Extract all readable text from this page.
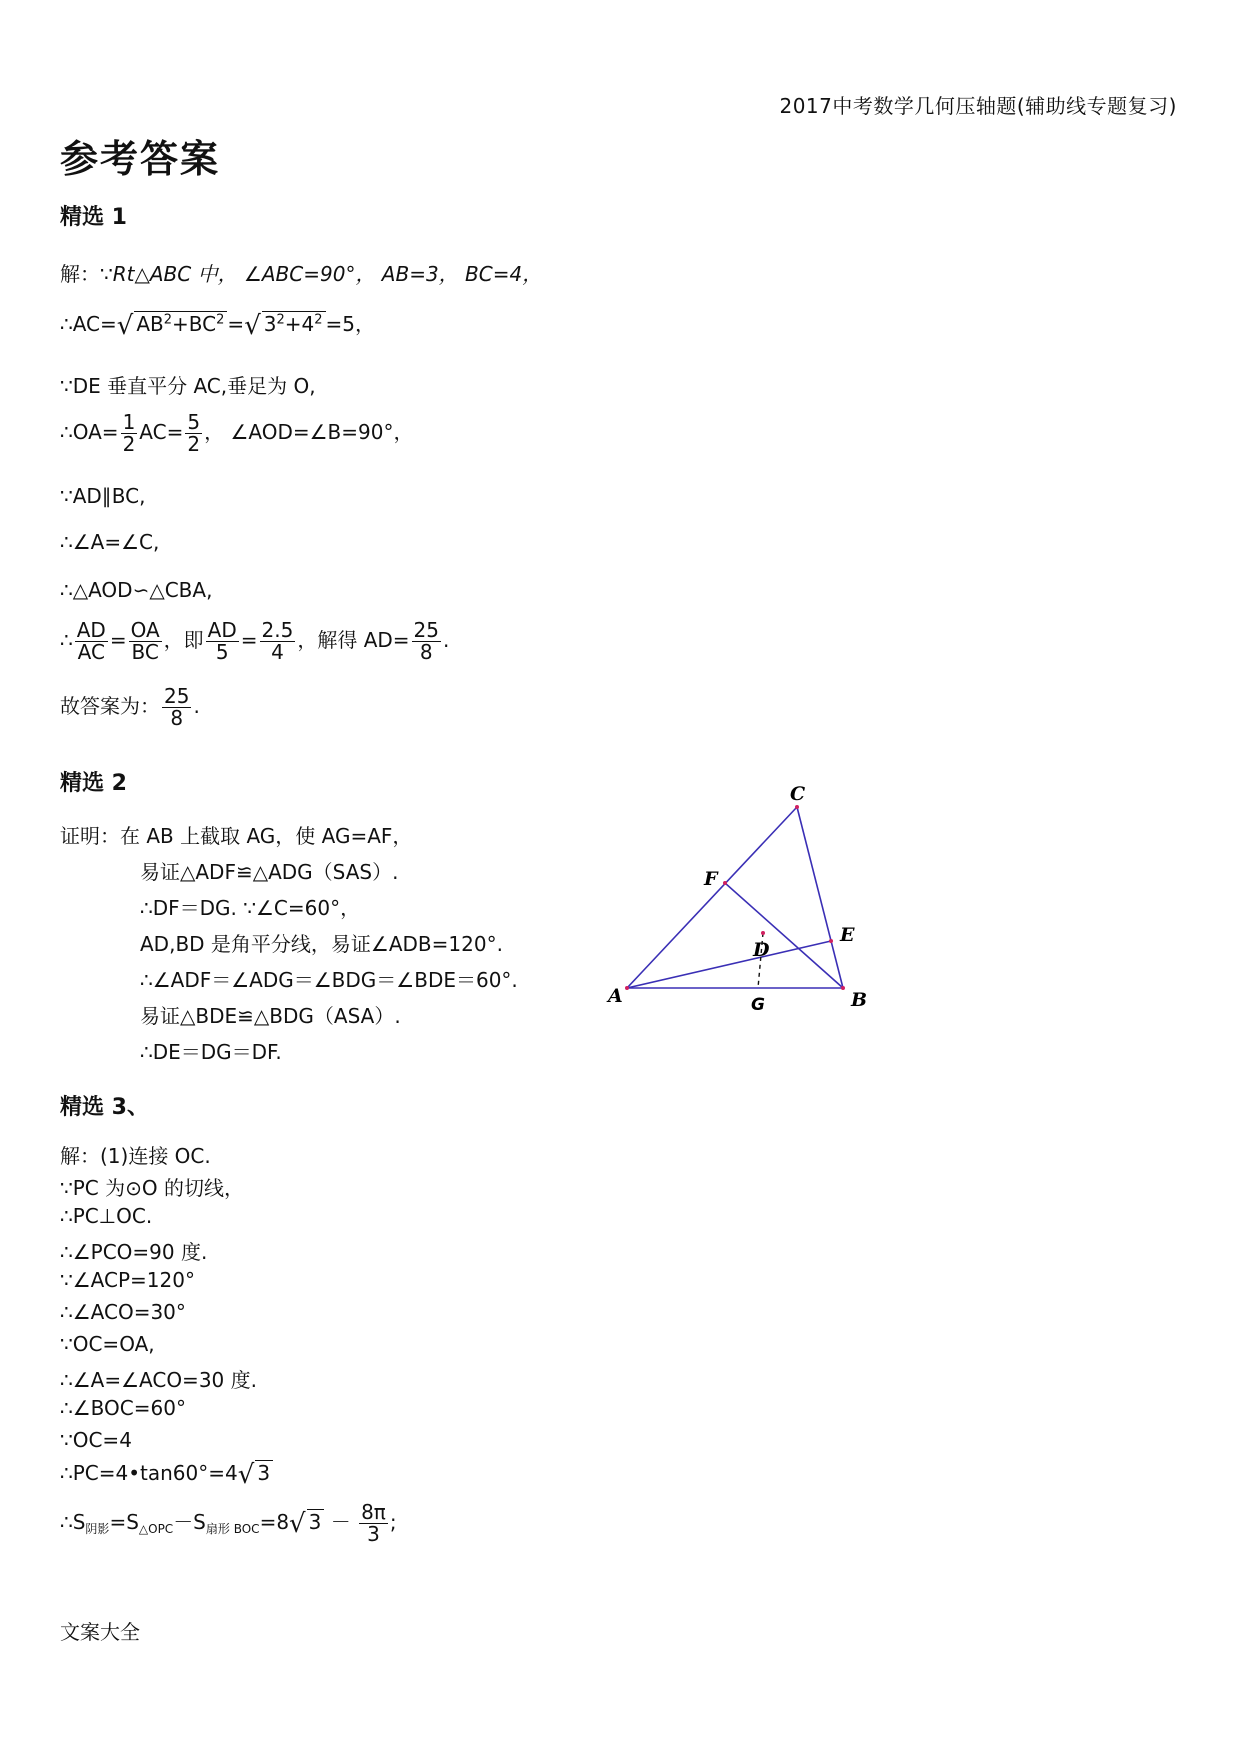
2017中考数学几何压轴题(辅助线专题复习)
参考答案
精选 1
解：∵Rt△ABC 中， ∠ABC=90°， AB=3， BC=4，
∴AC=√ $AB^2+BC^2$ =√ $3^2+4^2 =5$，
∵DE 垂直平分 AC,垂足为 O,
∴OA= $\frac{1}{2} AC= \frac{5}{2}$ ， ∠AOD=∠B=90°，
∵AD∥BC,
∴∠A=∠C,
∴△AOD∽△CBA,
∴ $\frac{AD}{AC} = \frac{OA}{BC}$ ，即 $\frac{AD}{5} = \frac{2.5}{4}$ ，解得 $AD= \frac{25}{8}$ .
故答案为： $\frac{25}{8}$ .
精选 2
证明：在 AB 上截取 AG，使 AG=AF，
易证△ADF≌△ADG（SAS）.
∴DF＝DG. ∵∠C=60°，
AD,BD 是角平分线，易证∠ADB=120°.
∴∠ADF＝∠ADG＝∠BDG＝∠BDE＝60°.
易证△BDE≌△BDG（ASA）.
∴DE＝DG＝DF.
C
F
E
D
A	B
G
精选 3、
解：(1)连接 OC.
∵PC 为⊙O 的切线，
∴PC⊥OC.
∴∠PCO=90 度.
∵∠ACP=120°
∴∠ACO=30°
∵OC=OA,
∴∠A=∠ACO=30 度.
∴∠BOC=60°
∵OC=4
∴PC=4•tan60°=4√ 3
$\therefore S_{阴影}=S_{\triangle OPC}-S_{扇形 BOC}=8√$ $3 - \frac{8\pi}{3}$ ;
文案大全
